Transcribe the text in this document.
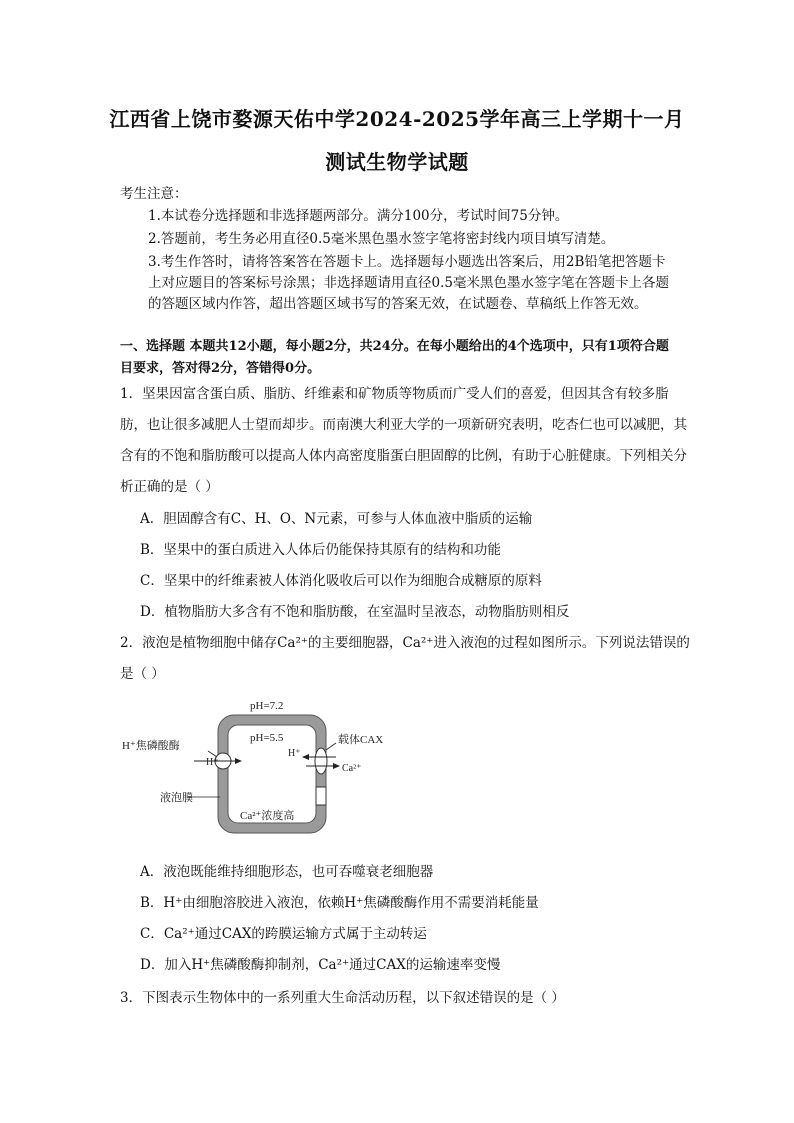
江西省上饶市婺源天佑中学2024-2025学年高三上学期十一月
测试生物学试题
考生注意：
1.本试卷分选择题和非选择题两部分。满分100分，考试时间75分钟。
2.答题前，考生务必用直径0.5毫米黑色墨水签字笔将密封线内项目填写清楚。
3.考生作答时，请将答案答在答题卡上。选择题每小题选出答案后，用2B铅笔把答题卡上对应题目的答案标号涂黑；非选择题请用直径0.5毫米黑色墨水签字笔在答题卡上各题的答题区域内作答，超出答题区域书写的答案无效，在试题卷、草稿纸上作答无效。
一、选择题 本题共12小题，每小题2分，共24分。在每小题给出的4个选项中，只有1项符合题目要求，答对得2分，答错得0分。
1．坚果因富含蛋白质、脂肪、纤维素和矿物质等物质而广受人们的喜爱，但因其含有较多脂肪，也让很多减肥人士望而却步。而南澳大利亚大学的一项新研究表明，吃杏仁也可以减肥，其含有的不饱和脂肪酸可以提高人体内高密度脂蛋白胆固醇的比例，有助于心脏健康。下列相关分析正确的是（ ）
A．胆固醇含有C、H、O、N元素，可参与人体血液中脂质的运输
B．坚果中的蛋白质进入人体后仍能保持其原有的结构和功能
C．坚果中的纤维素被人体消化吸收后可以作为细胞合成糖原的原料
D．植物脂肪大多含有不饱和脂肪酸，在室温时呈液态，动物脂肪则相反
2．液泡是植物细胞中储存Ca²⁺的主要细胞器，Ca²⁺进入液泡的过程如图所示。下列说法错误的是（ ）
pH=7.2
pH=5.5
H⁺焦磷酸酶
H⁺
液泡膜
载体CAX
H⁺
Ca²⁺
Ca²⁺浓度高
A．液泡既能维持细胞形态，也可吞噬衰老细胞器
B．H⁺由细胞溶胶进入液泡，依赖H⁺焦磷酸酶作用不需要消耗能量
C．Ca²⁺通过CAX的跨膜运输方式属于主动转运
D．加入H⁺焦磷酸酶抑制剂，Ca²⁺通过CAX的运输速率变慢
3．下图表示生物体中的一系列重大生命活动历程，以下叙述错误的是（ ）
